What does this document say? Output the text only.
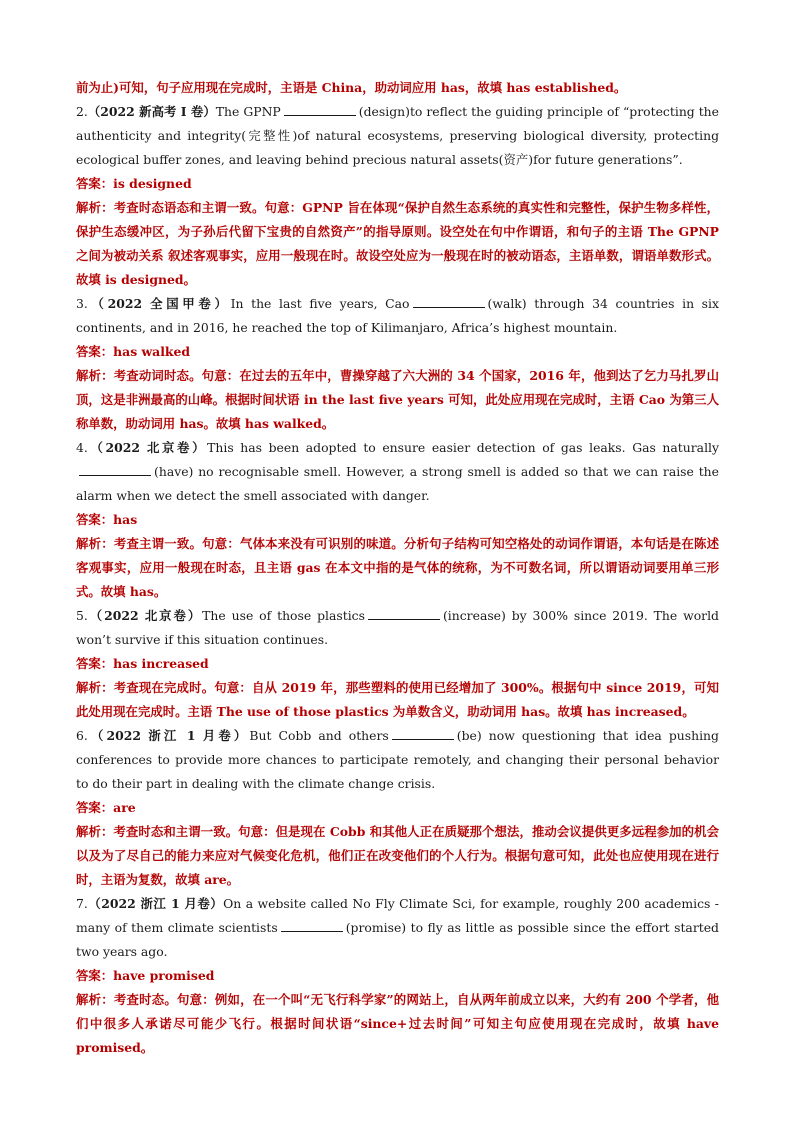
前为止)可知，句子应用现在完成时，主语是 China，助动词应用 has，故填 has established。

2.（2022 新高考 I 卷）The GPNP	(design)to reflect the guiding principle of “protecting the authenticity and integrity(完整性)of natural ecosystems, preserving biological diversity, protecting ecological buffer zones, and leaving behind precious natural assets(资产)for future generations”.

答案：is designed

解析：考查时态语态和主谓一致。句意：GPNP 旨在体现“保护自然生态系统的真实性和完整性，保护生物多样性，保护生态缓冲区，为子孙后代留下宝贵的自然资产”的指导原则。设空处在句中作谓语，和句子的主语 The GPNP 之间为被动关系 叙述客观事实，应用一般现在时。故设空处应为一般现在时的被动语态，主语单数，谓语单数形式。故填 is designed。

3.（2022 全国甲卷）In the last five years, Cao	(walk) through 34 countries in six continents, and in 2016, he reached the top of Kilimanjaro, Africa’s highest mountain.

答案：has walked

解析：考查动词时态。句意：在过去的五年中，曹操穿越了六大洲的 34 个国家，2016 年，他到达了乞力马扎罗山顶，这是非洲最高的山峰。根据时间状语 in the last five years 可知，此处应用现在完成时，主语 Cao 为第三人称单数，助动词用 has。故填 has walked。

4.（2022 北京卷）This has been adopted to ensure easier detection of gas leaks. Gas naturally(have) no recognisable smell. However, a strong smell is added so that we can raise the alarm when we detect the smell associated with danger.

答案：has

解析：考查主谓一致。句意：气体本来没有可识别的味道。分析句子结构可知空格处的动词作谓语，本句话是在陈述客观事实，应用一般现在时态，且主语 gas 在本文中指的是气体的统称，为不可数名词，所以谓语动词要用单三形式。故填 has。

5.（2022 北京卷）The use of those plastics	(increase) by 300% since 2019. The world won’t survive if this situation continues.

答案：has increased

解析：考查现在完成时。句意：自从 2019 年，那些塑料的使用已经增加了 300%。根据句中 since 2019，可知此处用现在完成时。主语 The use of those plastics 为单数含义，助动词用 has。故填 has increased。

6.（2022 浙江 1 月卷）But Cobb and others	(be) now questioning that idea pushing conferences to provide more chances to participate remotely, and changing their personal behavior to do their part in dealing with the climate change crisis.

答案：are

解析：考查时态和主谓一致。句意：但是现在 Cobb 和其他人正在质疑那个想法，推动会议提供更多远程参加的机会以及为了尽自己的能力来应对气候变化危机，他们正在改变他们的个人行为。根据句意可知，此处也应使用现在进行时，主语为复数，故填 are。

7.（2022 浙江 1 月卷）On a website called No Fly Climate Sci, for example, roughly 200 academics - many of them climate scientists	(promise) to fly as little as possible since the effort started two years ago.

答案：have promised

解析：考查时态。句意：例如，在一个叫“无飞行科学家”的网站上，自从两年前成立以来，大约有 200 个学者，他们中很多人承诺尽可能少飞行。根据时间状语“since+过去时间”可知主句应使用现在完成时，故填 have promised。
